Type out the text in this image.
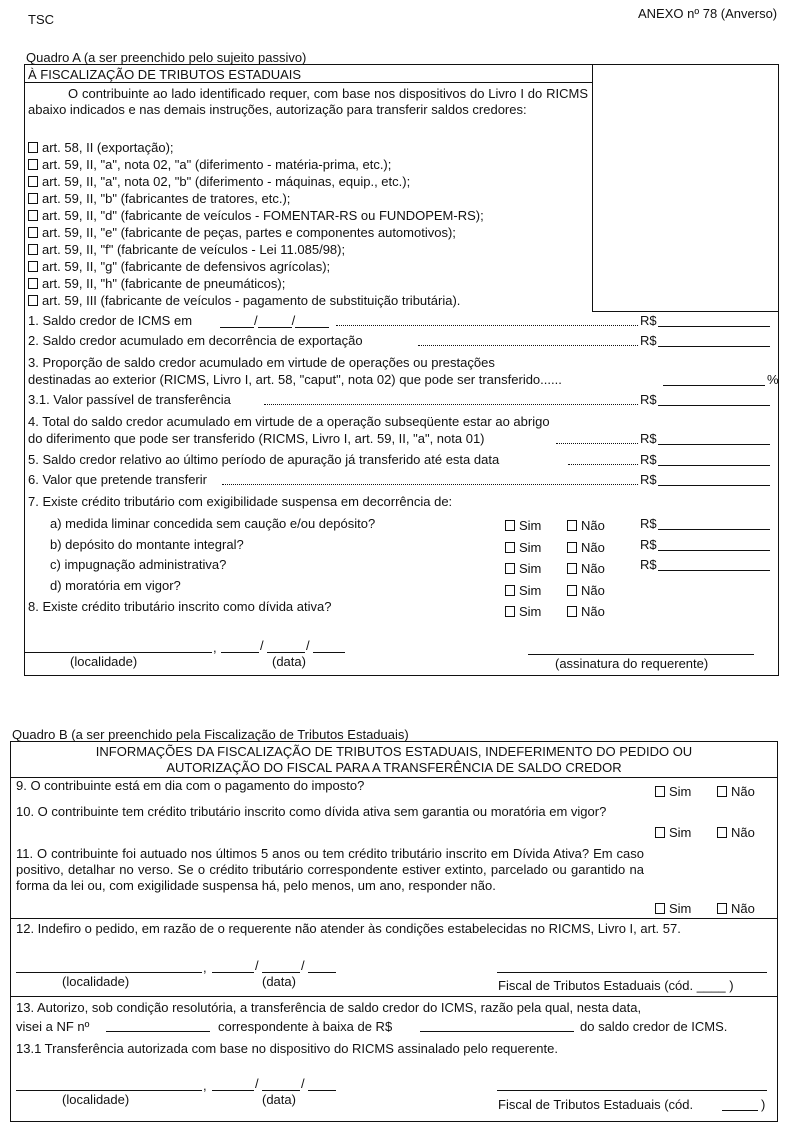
TSC	ANEXO nº 78 (Anverso)
Quadro A (a ser preenchido pelo sujeito passivo)
À FISCALIZAÇÃO DE TRIBUTOS ESTADUAIS
O contribuinte ao lado identificado requer, com base nos dispositivos do Livro I do RICMS abaixo indicados e nas demais instruções, autorização para transferir saldos credores:
art. 58, II (exportação);
art. 59, II, "a", nota 02, "a" (diferimento - matéria-prima, etc.);
art. 59, II, "a", nota 02, "b" (diferimento - máquinas, equip., etc.);
art. 59, II, "b" (fabricantes de tratores, etc.);
art. 59, II, "d" (fabricante de veículos - FOMENTAR-RS ou FUNDOPEM-RS);
art. 59, II, "e" (fabricante de peças, partes e componentes automotivos);
art. 59, II, "f" (fabricante de veículos - Lei 11.085/98);
art. 59, II, "g" (fabricante de defensivos agrícolas);
art. 59, II, "h" (fabricante de pneumáticos);
art. 59, III (fabricante de veículos - pagamento de substituição tributária).
1. Saldo credor de ICMS em	/	/	R$
2. Saldo credor acumulado em decorrência de exportação	R$
3. Proporção de saldo credor acumulado em virtude de operações ou prestações
destinadas ao exterior (RICMS, Livro I, art. 58, "caput", nota 02) que pode ser transferido......	%
3.1. Valor passível de transferência	R$
4. Total do saldo credor acumulado em virtude de a operação subseqüente estar ao abrigo
do diferimento que pode ser transferido (RICMS, Livro I, art. 59, II, "a", nota 01)	R$
5. Saldo credor relativo ao último período de apuração já transferido até esta data	R$
6. Valor que pretende transferir	R$
7. Existe crédito tributário com exigibilidade suspensa em decorrência de:
a) medida liminar concedida sem caução e/ou depósito?	Sim	Não	R$
b) depósito do montante integral?	Sim	Não	R$
c) impugnação administrativa?	Sim	Não	R$
d) moratória em vigor?	Sim	Não
8. Existe crédito tributário inscrito como dívida ativa?	Sim	Não
,	/	/
(localidade)	(data)	(assinatura do requerente)
Quadro B (a ser preenchido pela Fiscalização de Tributos Estaduais)
INFORMAÇÕES DA FISCALIZAÇÃO DE TRIBUTOS ESTADUAIS, INDEFERIMENTO DO PEDIDO OU
AUTORIZAÇÃO DO FISCAL PARA A TRANSFERÊNCIA DE SALDO CREDOR
9. O contribuinte está em dia com o pagamento do imposto?	Sim	Não
10. O contribuinte tem crédito tributário inscrito como dívida ativa sem garantia ou moratória em vigor?
Sim	Não
11. O contribuinte foi autuado nos últimos 5 anos ou tem crédito tributário inscrito em Dívida Ativa? Em caso positivo, detalhar no verso. Se o crédito tributário correspondente estiver extinto, parcelado ou garantido na forma da lei ou, com exigilidade suspensa há, pelo menos, um ano, responder não.
Sim	Não
12. Indefiro o pedido, em razão de o requerente não atender às condições estabelecidas no RICMS, Livro I, art. 57.
,	/	/
(localidade)	(data)	Fiscal de Tributos Estaduais (cód. ____ )
13. Autorizo, sob condição resolutória, a transferência de saldo credor do ICMS, razão pela qual, nesta data,
visei a NF nº	correspondente à baixa de R$	do saldo credor de ICMS.
13.1 Transferência autorizada com base no dispositivo do RICMS assinalado pelo requerente.
,	/	/
(localidade)	(data)	Fiscal de Tributos Estaduais (cód.	)
